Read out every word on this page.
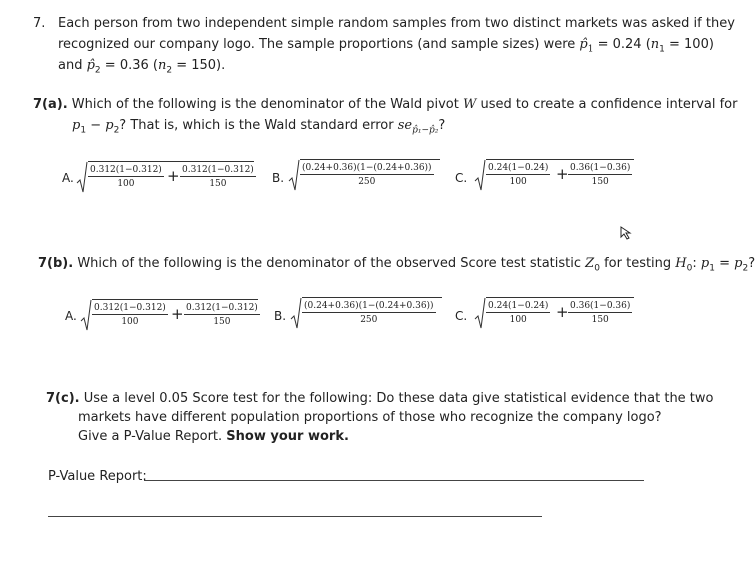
7. Each person from two independent simple random samples from two distinct markets was asked if they
recognized our company logo. The sample proportions (and sample sizes) were $p̂_1 = 0.24$ $(n_1 = 100)$
and $p̂_2 = 0.36$ $(n_2 = 150)$.
7(a). Which of the following is the denominator of the Wald pivot W used to create a confidence interval for
$p_1 - p_2$? That is, which is the Wald standard error $se_{p̂_1-p̂_2}$?
A. $\frac{0.312(1-0.312)}{100} + \frac{0.312(1-0.312)}{150} B$. $\frac{(0.24+0.36)(1-(0.24+0.36))}{250} C$. $\frac{0.24(1-0.24)}{100} + \frac{0.36(1-0.36)}{150}$
7(b). Which of the following is the denominator of the observed Score test statistic $Z_0$ for testing $H_0$: $p_1 = p_2$?
A. $\frac{0.312(1-0.312)}{100} + \frac{0.312(1-0.312)}{150} B$. $\frac{(0.24+0.36)(1-(0.24+0.36))}{250} C$. $\frac{0.24(1-0.24)}{100} + \frac{0.36(1-0.36)}{150}$
7(c). Use a level 0.05 Score test for the following: Do these data give statistical evidence that the two
markets have different population proportions of those who recognize the company logo?
Give a P-Value Report. Show your work.
P-Value Report:
